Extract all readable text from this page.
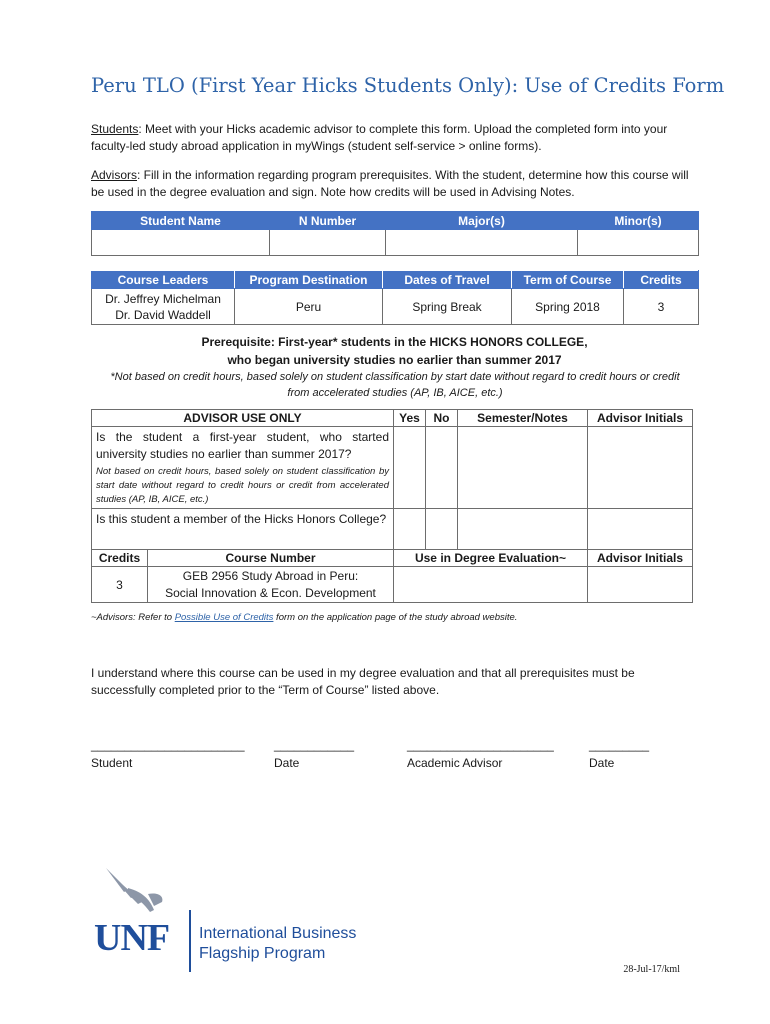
Peru TLO (First Year Hicks Students Only): Use of Credits Form
Students: Meet with your Hicks academic advisor to complete this form. Upload the completed form into your faculty-led study abroad application in myWings (student self-service > online forms).
Advisors: Fill in the information regarding program prerequisites. With the student, determine how this course will be used in the degree evaluation and sign. Note how credits will be used in Advising Notes.
Student Name	N Number	Major(s)	Minor(s)

Course Leaders	Program Destination	Dates of Travel	Term of Course	Credits

Dr. Jeffrey Michelman
Dr. David Waddell	Peru	Spring Break	Spring 2018	3
Prerequisite: First-year* students in the HICKS HONORS COLLEGE,
who began university studies no earlier than summer 2017
*Not based on credit hours, based solely on student classification by start date without regard to credit hours or credit from accelerated studies (AP, IB, AICE, etc.)
ADVISOR USE ONLY		Yes	No	Semester/Notes	Advisor Initials

Is the student a first-year student, who started university studies no earlier than summer 2017?
Not based on credit hours, based solely on student classification by start date without regard to credit hours or credit from accelerated studies (AP, IB, AICE, etc.)					

Is this student a member of the Hicks Honors College?					

Credits	Course Number	Use in Degree Evaluation~			Advisor Initials
3	GEB 2956 Study Abroad in Peru:
Social Innovation & Econ. Development				

~Advisors: Refer to Possible Use of Credits form on the application page of the study abroad website.
I understand where this course can be used in my degree evaluation and that all prerequisites must be successfully completed prior to the “Term of Course” listed above.
_______________________ ____________	______________________	_________
Student	Date	Academic Advisor	Date
UNF International Business
Flagship Program
28-Jul-17/kml
